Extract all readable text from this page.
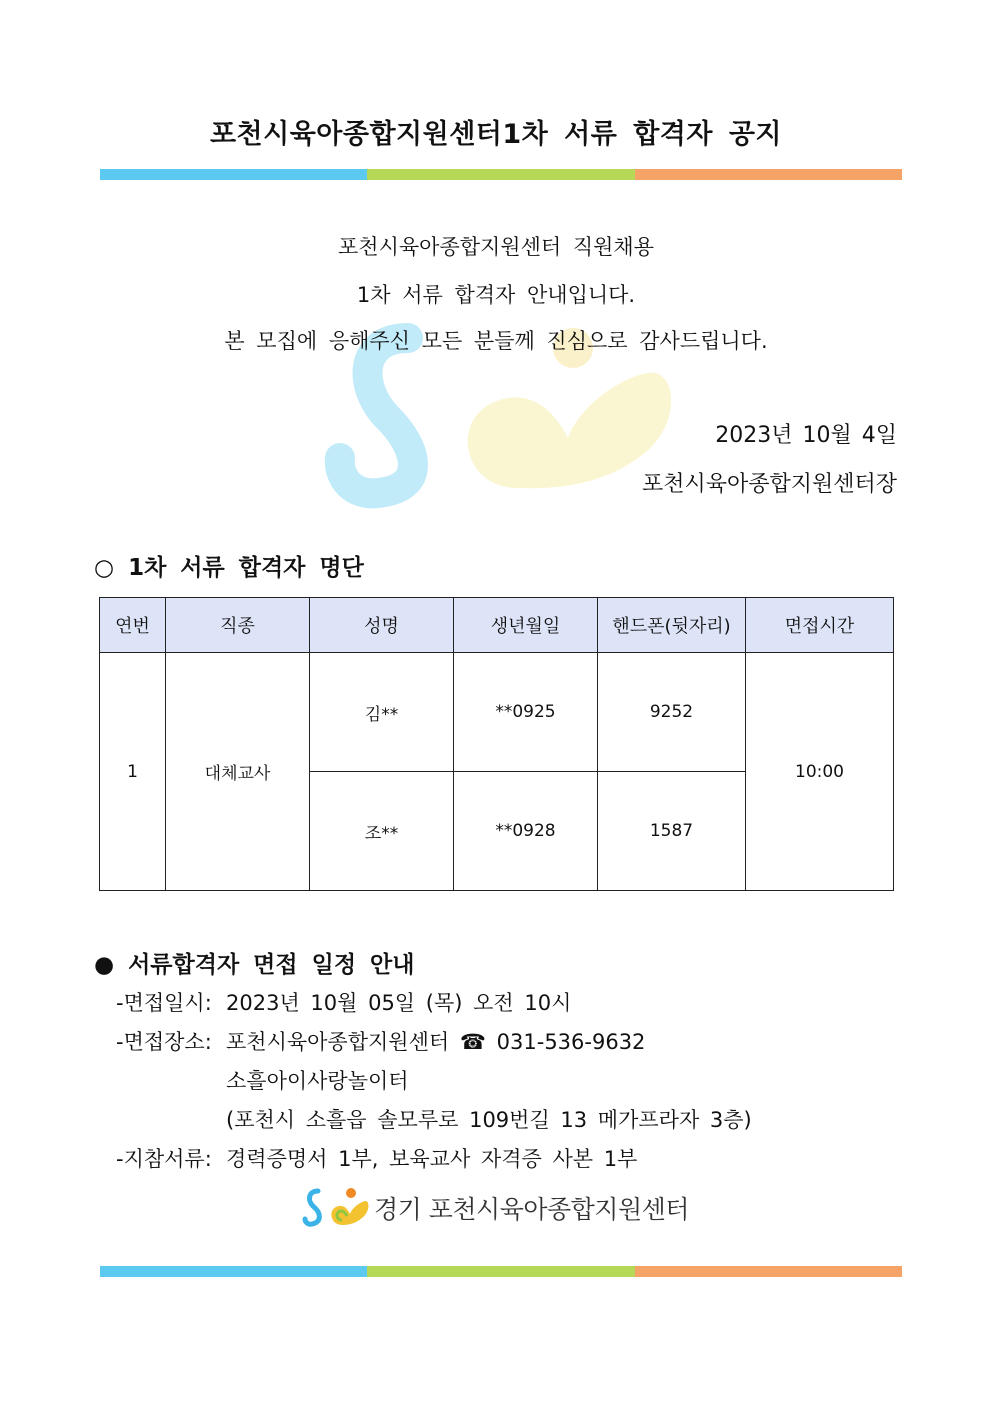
포천시육아종합지원센터1차 서류 합격자 공지
포천시육아종합지원센터 직원채용
1차 서류 합격자 안내입니다.
본 모집에 응해주신 모든 분들께 진심으로 감사드립니다.
2023년 10월 4일
포천시육아종합지원센터장
○ 1차 서류 합격자 명단
연번	직종	성명	생년월일	핸드폰(뒷자리)	면접시간
1	대체교사	김**	**0925	9252	10:00
		조**	**0928	1587	
● 서류합격자 면접 일정 안내
-면접일시: 2023년 10월 05일 (목) 오전 10시
-면접장소: 포천시육아종합지원센터 ☎ 031-536-9632
소흘아이사랑놀이터
(포천시 소흘읍 솔모루로 109번길 13 메가프라자 3층)
-지참서류: 경력증명서 1부, 보육교사 자격증 사본 1부
경기 포천시육아종합지원센터
